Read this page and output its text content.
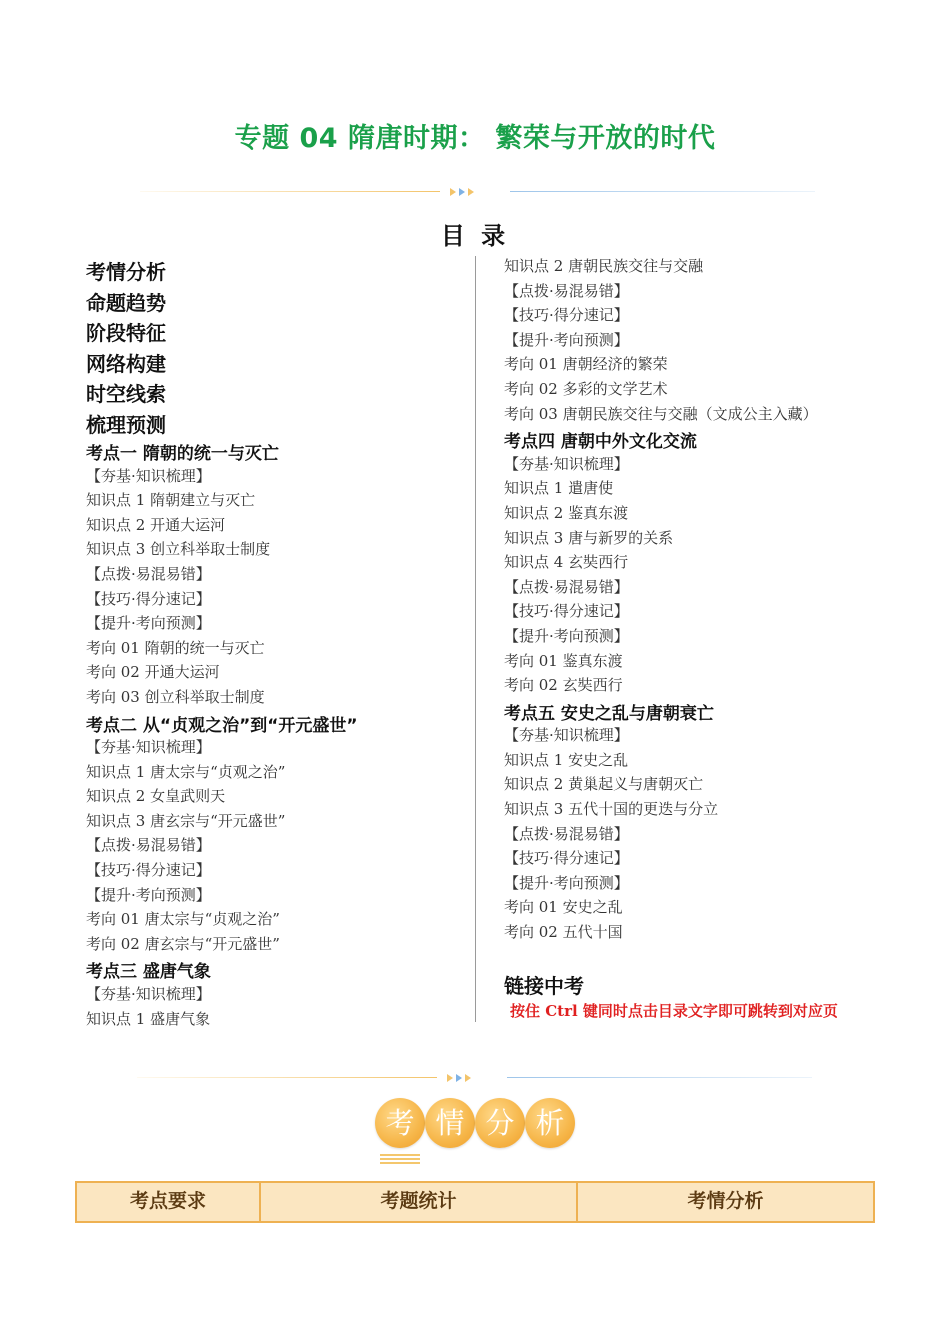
专题 04 隋唐时期： 繁荣与开放的时代
目 录
考情分析
命题趋势
阶段特征
网络构建
时空线索
梳理预测
考点一 隋朝的统一与灭亡
【夯基·知识梳理】
知识点 1 隋朝建立与灭亡
知识点 2 开通大运河
知识点 3 创立科举取士制度
【点拨·易混易错】
【技巧·得分速记】
【提升·考向预测】
考向 01 隋朝的统一与灭亡
考向 02 开通大运河
考向 03 创立科举取士制度
考点二 从“贞观之治”到“开元盛世”
【夯基·知识梳理】
知识点 1 唐太宗与“贞观之治”
知识点 2 女皇武则天
知识点 3 唐玄宗与“开元盛世”
【点拨·易混易错】
【技巧·得分速记】
【提升·考向预测】
考向 01 唐太宗与“贞观之治”
考向 02 唐玄宗与“开元盛世”
考点三 盛唐气象
【夯基·知识梳理】
知识点 1 盛唐气象
知识点 2 唐朝民族交往与交融
【点拨·易混易错】
【技巧·得分速记】
【提升·考向预测】
考向 01 唐朝经济的繁荣
考向 02 多彩的文学艺术
考向 03 唐朝民族交往与交融（文成公主入藏）
考点四 唐朝中外文化交流
【夯基·知识梳理】
知识点 1 遣唐使
知识点 2 鉴真东渡
知识点 3 唐与新罗的关系
知识点 4 玄奘西行
【点拨·易混易错】
【技巧·得分速记】
【提升·考向预测】
考向 01 鉴真东渡
考向 02 玄奘西行
考点五 安史之乱与唐朝衰亡
【夯基·知识梳理】
知识点 1 安史之乱
知识点 2 黄巢起义与唐朝灭亡
知识点 3 五代十国的更迭与分立
【点拨·易混易错】
【技巧·得分速记】
【提升·考向预测】
考向 01 安史之乱
考向 02 五代十国
链接中考
按住 Ctrl 键同时点击目录文字即可跳转到对应页
考 情 分 析
考点要求	考题统计	考情分析
